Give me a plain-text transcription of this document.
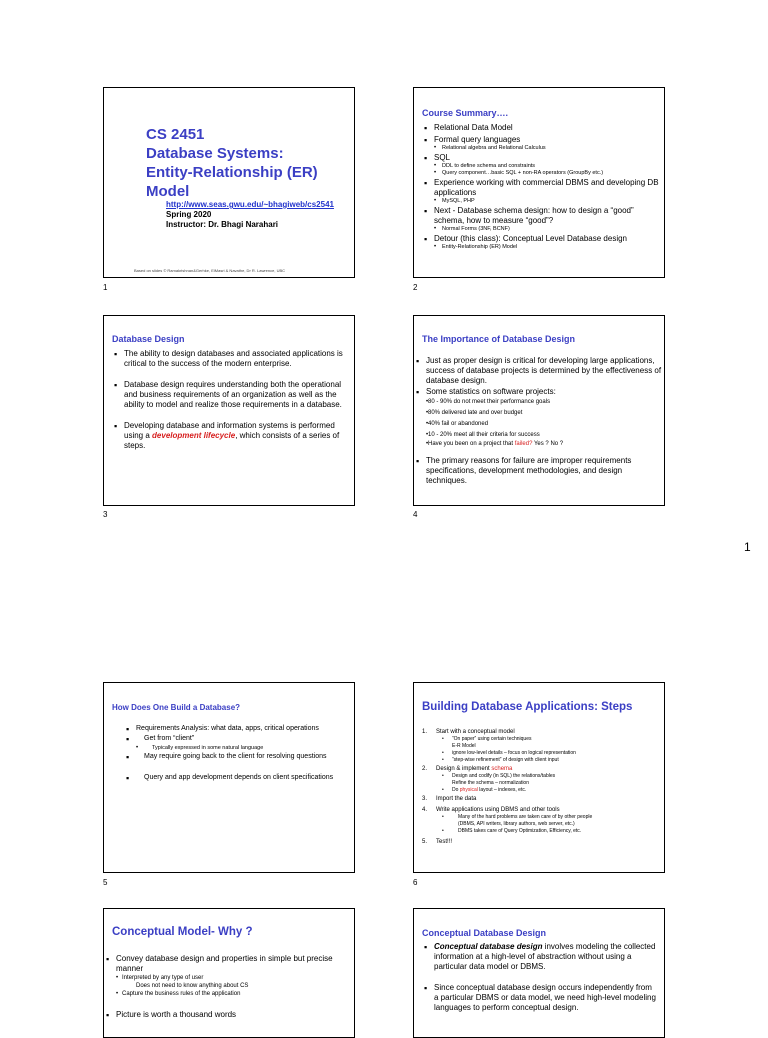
1
CS 2451
Database Systems:
Entity-Relationship (ER)
Model
http://www.seas.gwu.edu/~bhagiweb/cs2541
Spring 2020
Instructor: Dr. Bhagi Narahari
Based on slides © Ramakrishnan&Gerhke, ElMasri & Navathe, Dr R. Lawrence, UBC
1
Course Summary….
▪ Relational Data Model
▪ Formal query languages
• Relational algebra and Relational Calculus
▪ SQL
• DDL to define schema and constraints
• Query component…basic SQL + non-RA operators (GroupBy etc.)
▪ Experience working with commercial DBMS and developing DB applications
• MySQL, PHP
▪ Next - Database schema design: how to design a “good” schema, how to measure “good”?
• Normal Forms (3NF, BCNF)
▪ Detour (this class): Conceptual Level Database design
• Entity-Relationship (ER) Model
2
Database Design
▪ The ability to design databases and associated applications is critical to the success of the modern enterprise.
▪ Database design requires understanding both the operational and business requirements of an organization as well as the ability to model and realize those requirements in a database.
▪ Developing database and information systems is performed using a development lifecycle, which consists of a series of steps.
3
The Importance of Database Design
▪ Just as proper design is critical for developing large applications, success of database projects is determined by the effectiveness of database design.
▪ Some statistics on software projects:
• 80 - 90% do not meet their performance goals
• 80% delivered late and over budget
• 40% fail or abandoned
• 10 - 20% meet all their criteria for success
• Have you been on a project that failed? Yes ? No ?
▪ The primary reasons for failure are improper requirements specifications, development methodologies, and design techniques.
4
How Does One Build a Database?
▪ Requirements Analysis: what data, apps, critical operations
▪ Get from “client”
• Typically expressed in some natural language
▪ May require going back to the client for resolving questions
▪ Query and app development depends on client specifications
5
Building Database Applications: Steps
1. Start with a conceptual model
• “On paper” using certain techniques
E-R Model
• ignore low-level details – focus on logical representation
• “step-wise refinement” of design with client input
2. Design & implement schema
• Design and codify (in SQL) the relations/tables
Refine the schema – normalization
• Do physical layout – indexes, etc.
3. Import the data
4. Write applications using DBMS and other tools
• Many of the hard problems are taken care of by other people
(DBMS, API writers, library authors, web server, etc.)
• DBMS takes care of Query Optimization, Efficiency, etc.
5. Test!!!
6
Conceptual Model- Why ?
▪ Convey database design and properties in simple but precise manner
• Interpreted by any type of user
Does not need to know anything about CS
• Capture the business rules of the application
▪ Picture is worth a thousand words
Conceptual Database Design
▪ Conceptual database design involves modeling the collected information at a high-level of abstraction without using a particular data model or DBMS.
▪ Since conceptual database design occurs independently from a particular DBMS or data model, we need high-level modeling languages to perform conceptual design.
